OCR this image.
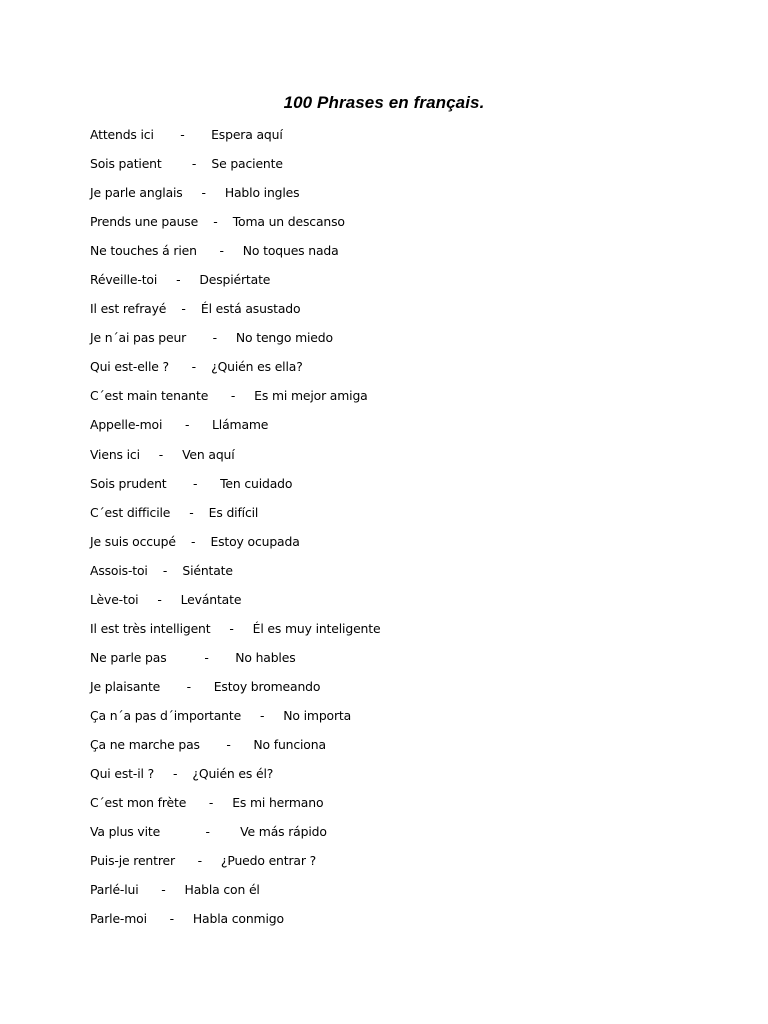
100 Phrases en français.
Attends ici       -       Espera aquí
Sois patient        -    Se paciente
Je parle anglais     -     Hablo ingles
Prends une pause    -    Toma un descanso
Ne touches á rien      -     No toques nada
Réveille-toi     -     Despiértate
Il est refrayé    -    Él está asustado
Je n´ai pas peur       -     No tengo miedo
Qui est-elle ?      -    ¿Quién es ella?
C´est main tenante      -     Es mi mejor amiga
Appelle-moi      -      Llámame
Viens ici     -     Ven aquí
Sois prudent       -      Ten cuidado
C´est difficile     -    Es difícil
Je suis occupé    -    Estoy ocupada
Assois-toi    -    Siéntate
Lève-toi     -     Levántate
Il est très intelligent     -     Él es muy inteligente
Ne parle pas          -       No hables
Je plaisante       -      Estoy bromeando
Ça n´a pas d´importante     -     No importa
Ça ne marche pas       -      No funciona
Qui est-il ?     -    ¿Quién es él?
C´est mon frète      -     Es mi hermano
Va plus vite            -        Ve más rápido
Puis-je rentrer      -     ¿Puedo entrar ?
Parlé-lui      -     Habla con él
Parle-moi      -     Habla conmigo
